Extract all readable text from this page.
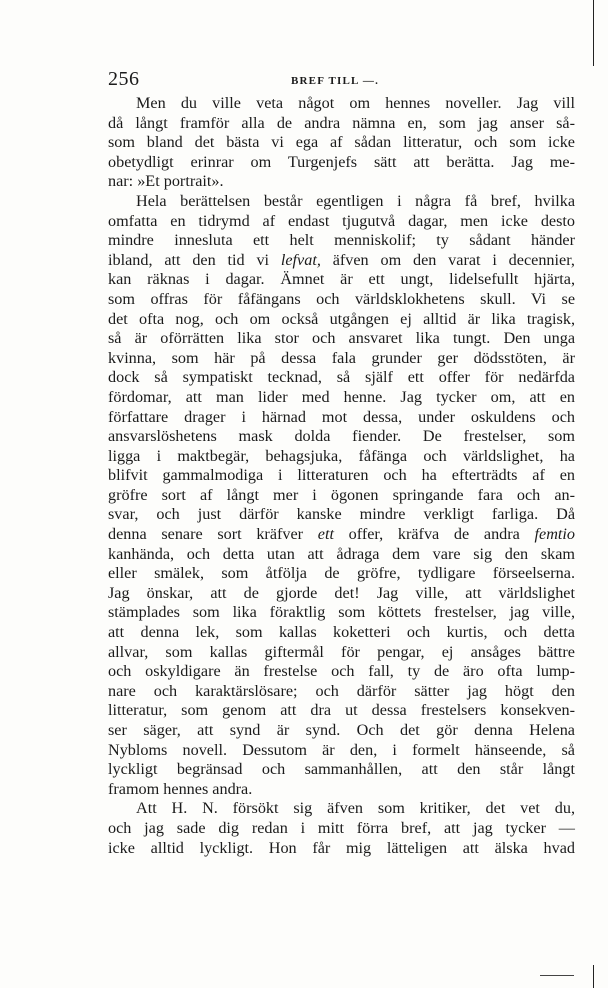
256	BREF TILL —.

Men du ville veta något om hennes noveller. Jag vill

då långt framför alla de andra nämna en, som jag anser så-

som bland det bästa vi ega af sådan litteratur, och som icke

obetydligt erinrar om Turgenjefs sätt att berätta. Jag me-

nar: »Et portrait».

Hela berättelsen består egentligen i några få bref, hvilka

omfatta en tidrymd af endast tjugutvå dagar, men icke desto

mindre innesluta ett helt menniskolif; ty sådant händer

ibland, att den tid vi lefvat, äfven om den varat i decennier,

kan räknas i dagar. Ämnet är ett ungt, lidelsefullt hjärta,

som offras för fåfängans och världsklokhetens skull. Vi se

det ofta nog, och om också utgången ej alltid är lika tragisk,

så är oförrätten lika stor och ansvaret lika tungt. Den unga

kvinna, som här på dessa fala grunder ger dödsstöten, är

dock så sympatiskt tecknad, så själf ett offer för nedärfda

fördomar, att man lider med henne. Jag tycker om, att en

författare drager i härnad mot dessa, under oskuldens och

ansvarslöshetens mask dolda fiender. De frestelser, som

ligga i maktbegär, behagsjuka, fåfänga och världslighet, ha

blifvit gammalmodiga i litteraturen och ha efterträdts af en

gröfre sort af långt mer i ögonen springande fara och an-

svar, och just därför kanske mindre verkligt farliga. Då

denna senare sort kräfver ett offer, kräfva de andra femtio

kanhända, och detta utan att ådraga dem vare sig den skam

eller smälek, som åtfölja de gröfre, tydligare förseelserna.

Jag önskar, att de gjorde det! Jag ville, att världslighet

stämplades som lika föraktlig som köttets frestelser, jag ville,

att denna lek, som kallas koketteri och kurtis, och detta

allvar, som kallas giftermål för pengar, ej ansåges bättre

och oskyldigare än frestelse och fall, ty de äro ofta lump-

nare och karaktärslösare; och därför sätter jag högt den

litteratur, som genom att dra ut dessa frestelsers konsekven-

ser säger, att synd är synd. Och det gör denna Helena

Nybloms novell. Dessutom är den, i formelt hänseende, så

lyckligt begränsad och sammanhållen, att den står långt

framom hennes andra.

Att H. N. försökt sig äfven som kritiker, det vet du,

och jag sade dig redan i mitt förra bref, att jag tycker —

icke alltid lyckligt. Hon får mig lätteligen att älska hvad
